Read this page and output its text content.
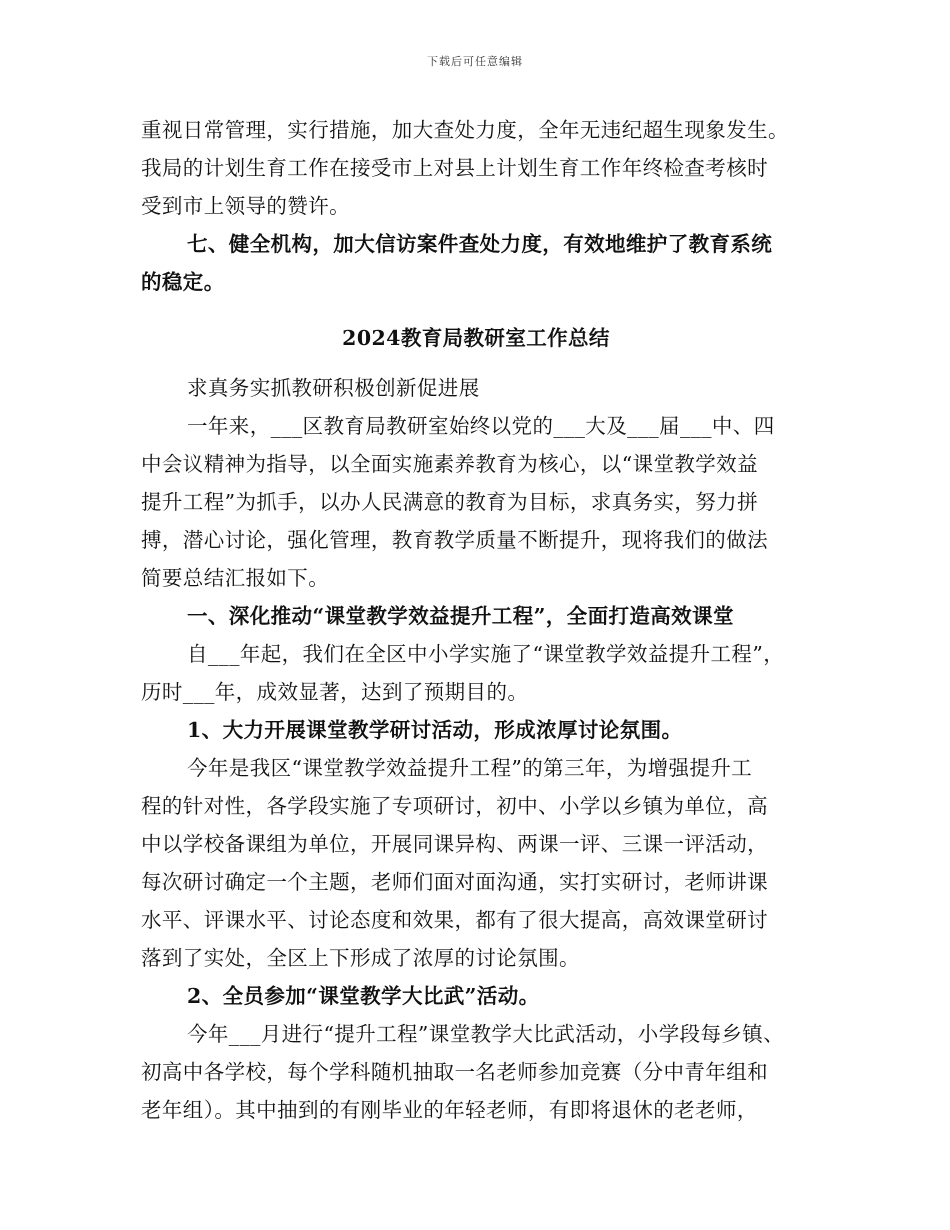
下载后可任意编辑
重视日常管理，实行措施，加大查处力度，全年无违纪超生现象发生。
我局的计划生育工作在接受市上对县上计划生育工作年终检查考核时
受到市上领导的赞许。
七、健全机构，加大信访案件查处力度，有效地维护了教育系统
的稳定。
2024教育局教研室工作总结
求真务实抓教研积极创新促进展
一年来，___区教育局教研室始终以党的___大及___届___中、四
中会议精神为指导，以全面实施素养教育为核心，以“课堂教学效益
提升工程”为抓手，以办人民满意的教育为目标，求真务实，努力拼
搏，潜心讨论，强化管理，教育教学质量不断提升，现将我们的做法
简要总结汇报如下。
一、深化推动“课堂教学效益提升工程”，全面打造高效课堂
自___年起，我们在全区中小学实施了“课堂教学效益提升工程”，
历时___年，成效显著，达到了预期目的。
1、大力开展课堂教学研讨活动，形成浓厚讨论氛围。
今年是我区“课堂教学效益提升工程”的第三年，为增强提升工
程的针对性，各学段实施了专项研讨，初中、小学以乡镇为单位，高
中以学校备课组为单位，开展同课异构、两课一评、三课一评活动，
每次研讨确定一个主题，老师们面对面沟通，实打实研讨，老师讲课
水平、评课水平、讨论态度和效果，都有了很大提高，高效课堂研讨
落到了实处，全区上下形成了浓厚的讨论氛围。
2、全员参加“课堂教学大比武”活动。
今年___月进行“提升工程”课堂教学大比武活动，小学段每乡镇、
初高中各学校，每个学科随机抽取一名老师参加竞赛（分中青年组和
老年组）。其中抽到的有刚毕业的年轻老师，有即将退休的老老师，
